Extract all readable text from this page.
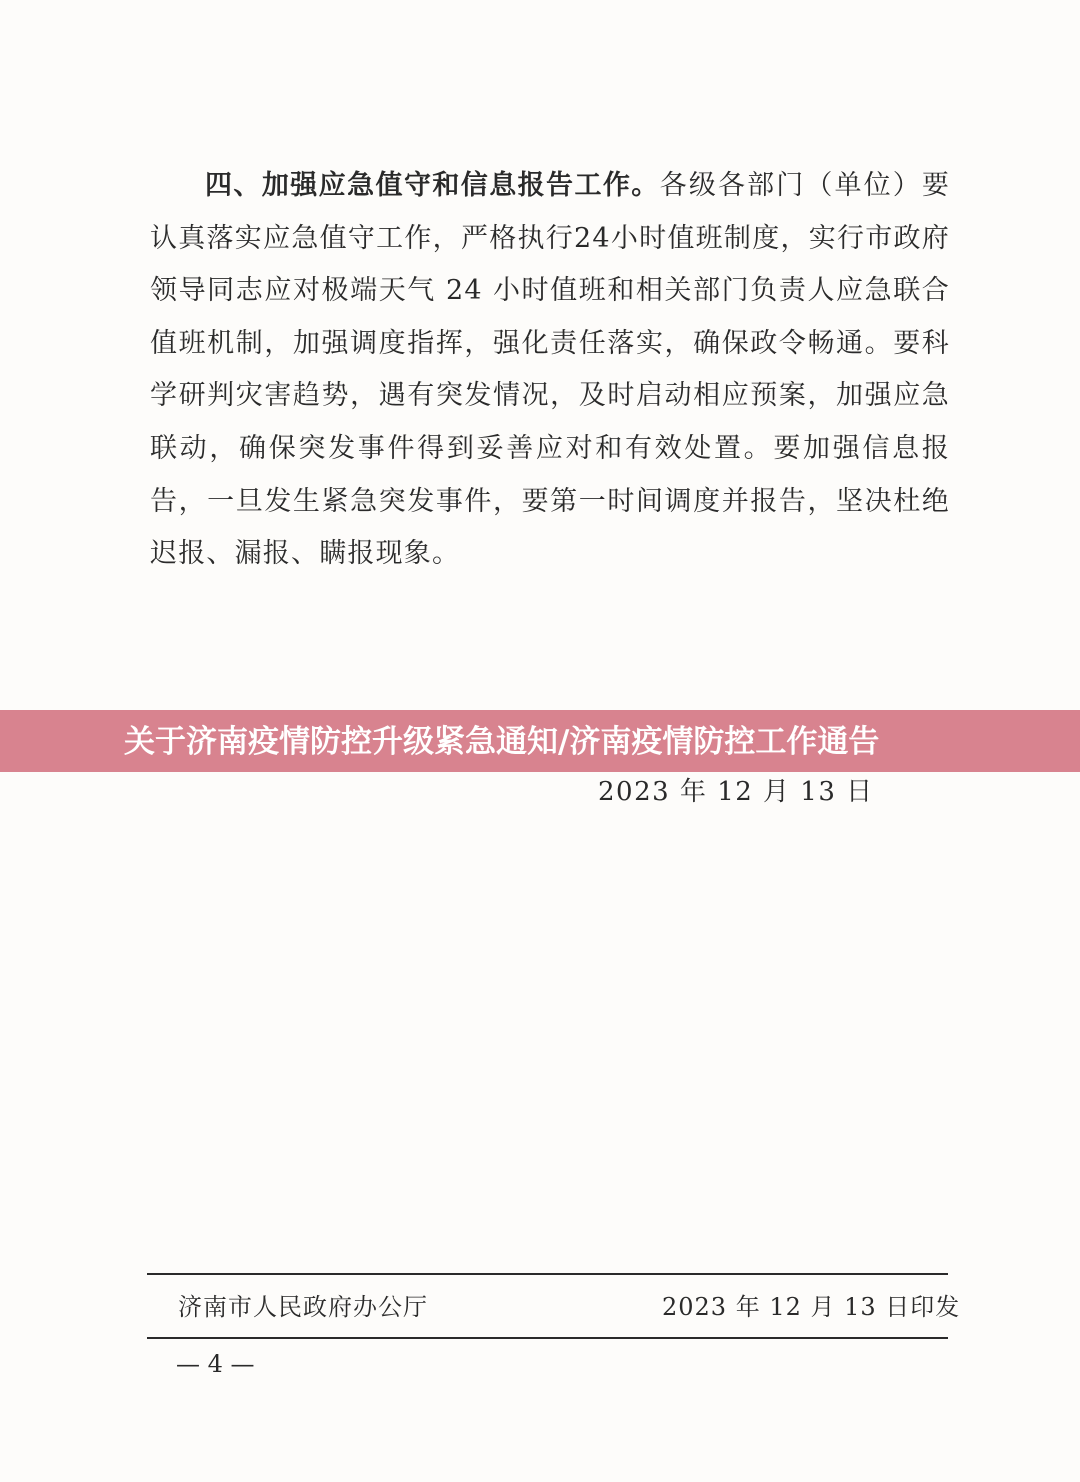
四、加强应急值守和信息报告工作。各级各部门（单位）要认真落实应急值守工作，严格执行24小时值班制度，实行市政府领导同志应对极端天气 24 小时值班和相关部门负责人应急联合值班机制，加强调度指挥，强化责任落实，确保政令畅通。要科学研判灾害趋势，遇有突发情况，及时启动相应预案，加强应急联动，确保突发事件得到妥善应对和有效处置。要加强信息报告，一旦发生紧急突发事件，要第一时间调度并报告，坚决杜绝迟报、漏报、瞒报现象。

关于济南疫情防控升级紧急通知/济南疫情防控工作通告

2023 年 12 月 13 日
济南市人民政府办公厅	2023 年 12 月 13 日印发
— 4 —
